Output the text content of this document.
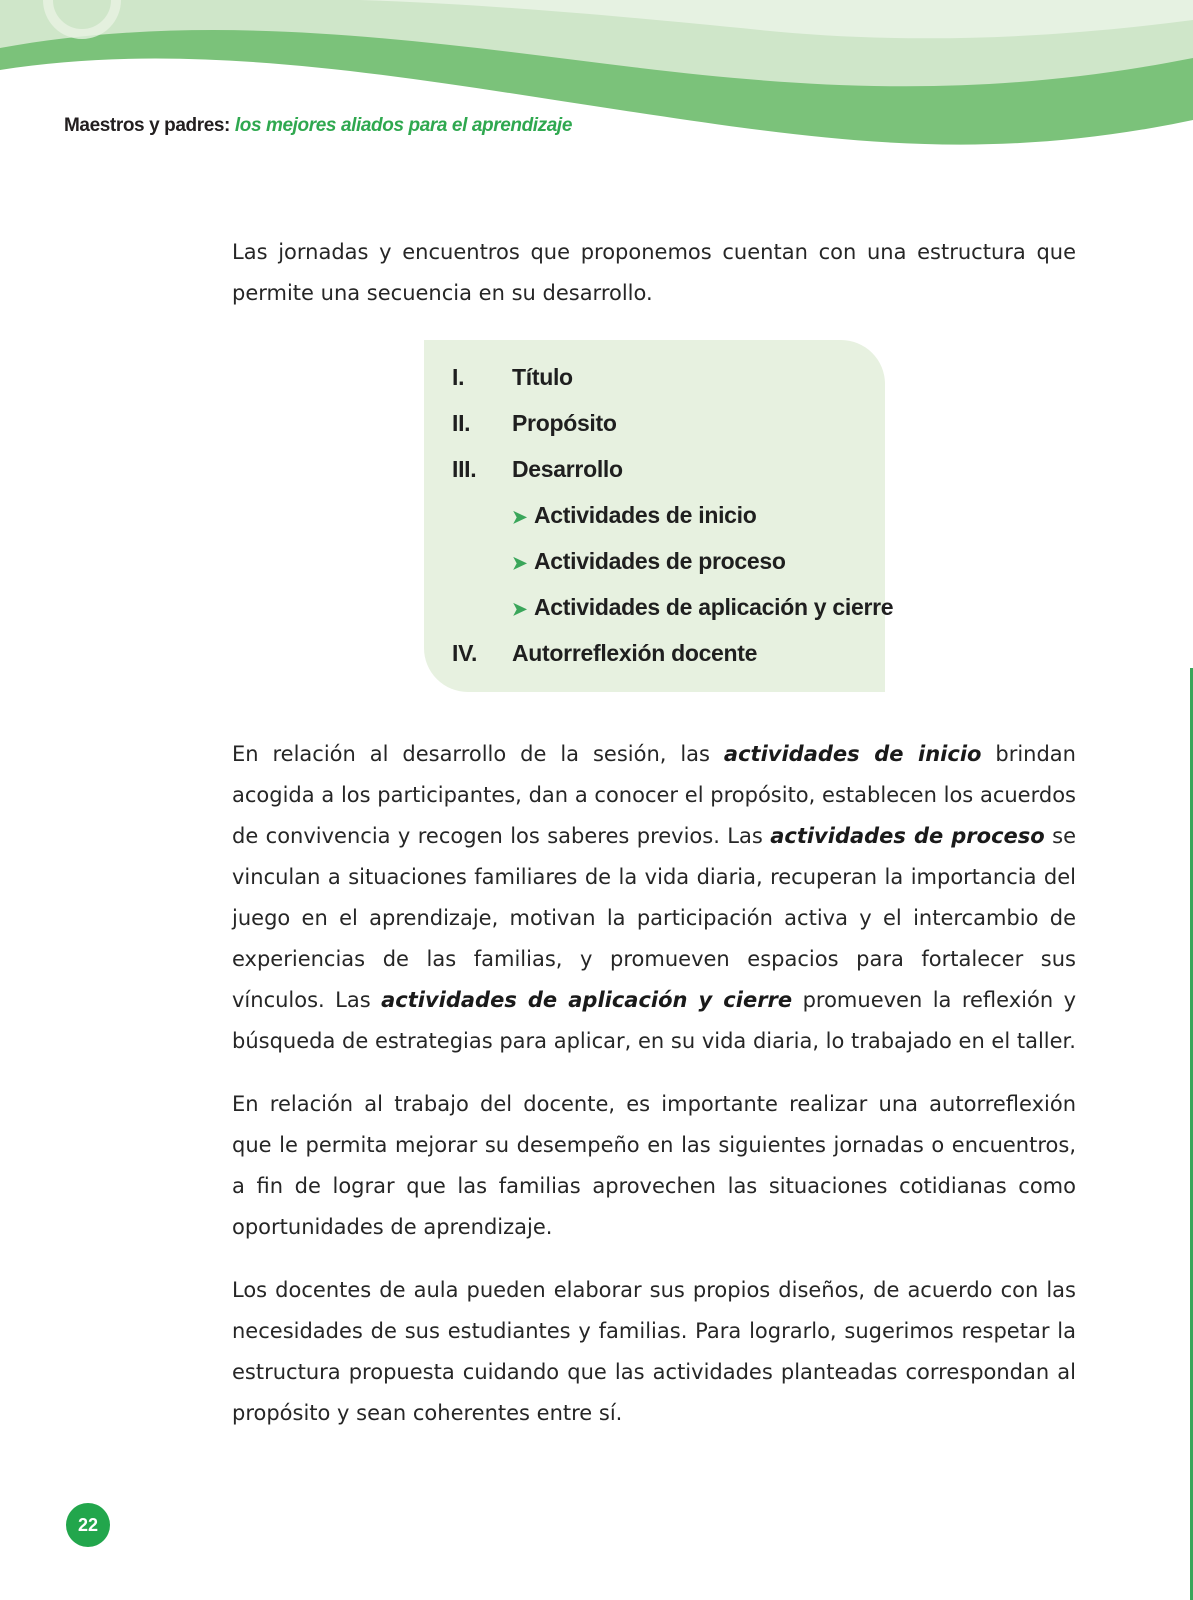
Maestros y padres: los mejores aliados para el aprendizaje
I. Título
II. Propósito
III. Desarrollo
➤ Actividades de inicio
➤ Actividades de proceso
➤ Actividades de aplicación y cierre
IV. Autorreflexión docente

Las jornadas y encuentros que proponemos cuentan con una estructura que permite una secuencia en su desarrollo.

En relación al desarrollo de la sesión, las actividades de inicio brindan acogida a los participantes, dan a conocer el propósito, establecen los acuerdos de convivencia y recogen los saberes previos. Las actividades de proceso se vinculan a situaciones familiares de la vida diaria, recuperan la importancia del juego en el aprendizaje, motivan la participación activa y el intercambio de experiencias de las familias, y promueven espacios para fortalecer sus vínculos. Las actividades de aplicación y cierre promueven la reflexión y búsqueda de estrategias para aplicar, en su vida diaria, lo trabajado en el taller.

En relación al trabajo del docente, es importante realizar una autorreflexión que le permita mejorar su desempeño en las siguientes jornadas o encuentros, a fin de lograr que las familias aprovechen las situaciones cotidianas como oportunidades de aprendizaje.

Los docentes de aula pueden elaborar sus propios diseños, de acuerdo con las necesidades de sus estudiantes y familias. Para lograrlo, sugerimos respetar la estructura propuesta cuidando que las actividades planteadas correspondan al propósito y sean coherentes entre sí.

22
